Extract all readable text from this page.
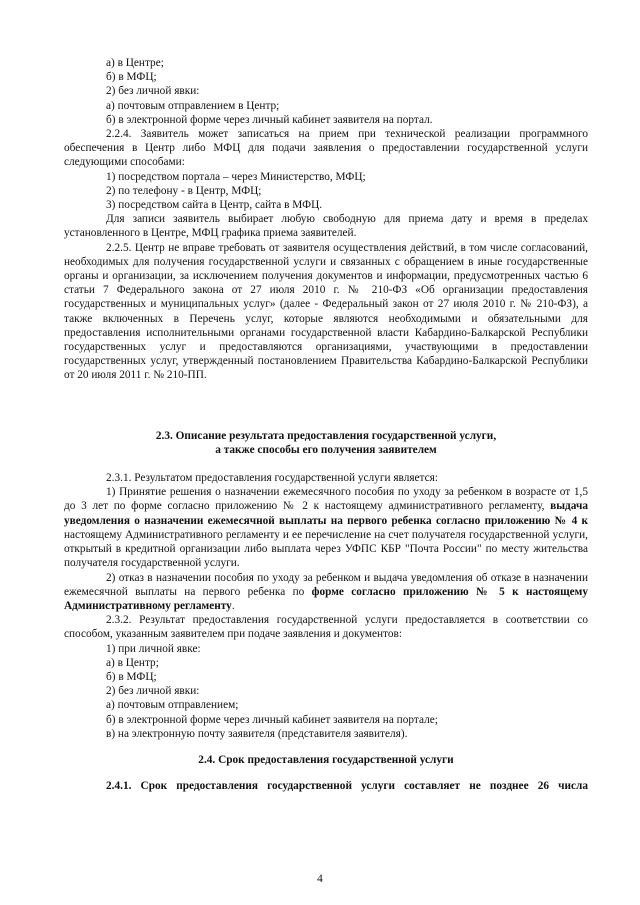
а) в Центре;

б) в МФЦ;

2) без личной явки:

а) почтовым отправлением в Центр;

б) в электронной форме через личный кабинет заявителя на портал.

2.2.4. Заявитель может записаться на прием при технической реализации программного обеспечения в Центр либо МФЦ для подачи заявления о предоставлении государственной услуги следующими способами:

1) посредством портала – через Министерство, МФЦ;

2) по телефону - в Центр, МФЦ;

3) посредством сайта в Центр, сайта в МФЦ.

Для записи заявитель выбирает любую свободную для приема дату и время в пределах установленного в Центре, МФЦ графика приема заявителей.

2.2.5. Центр не вправе требовать от заявителя осуществления действий, в том числе согласований, необходимых для получения государственной услуги и связанных с обращением в иные государственные органы и организации, за исключением получения документов и информации, предусмотренных частью 6 статьи 7 Федерального закона от 27 июля 2010 г. № 210-ФЗ «Об организации предоставления государственных и муниципальных услуг» (далее - Федеральный закон от 27 июля 2010 г. № 210-ФЗ), а также включенных в Перечень услуг, которые являются необходимыми и обязательными для предоставления исполнительными органами государственной власти Кабардино-Балкарской Республики государственных услуг и предоставляются организациями, участвующими в предоставлении государственных услуг, утвержденный постановлением Правительства Кабардино-Балкарской Республики от 20 июля 2011 г. № 210-ПП.

2.3. Описание результата предоставления государственной услуги,

а также способы его получения заявителем

2.3.1. Результатом предоставления государственной услуги является:

1) Принятие решения о назначении ежемесячного пособия по уходу за ребенком в возрасте от 1,5 до 3 лет по форме согласно приложению № 2 к настоящему административного регламенту, выдача уведомления о назначении ежемесячной выплаты на первого ребенка согласно приложению № 4 к настоящему Административного регламенту и ее перечисление на счет получателя государственной услуги, открытый в кредитной организации либо выплата через УФПС КБР "Почта России" по месту жительства получателя государственной услуги.

2) отказ в назначении пособия по уходу за ребенком и выдача уведомления об отказе в назначении ежемесячной выплаты на первого ребенка по форме согласно приложению № 5 к настоящему Административному регламенту.

2.3.2. Результат предоставления государственной услуги предоставляется в соответствии со способом, указанным заявителем при подаче заявления и документов:

1) при личной явке:

а) в Центр;

б) в МФЦ;

2) без личной явки:

а) почтовым отправлением;

б) в электронной форме через личный кабинет заявителя на портале;

в) на электронную почту заявителя (представителя заявителя).

2.4. Срок предоставления государственной услуги

2.4.1. Срок предоставления государственной услуги составляет не позднее 26 числа

4
